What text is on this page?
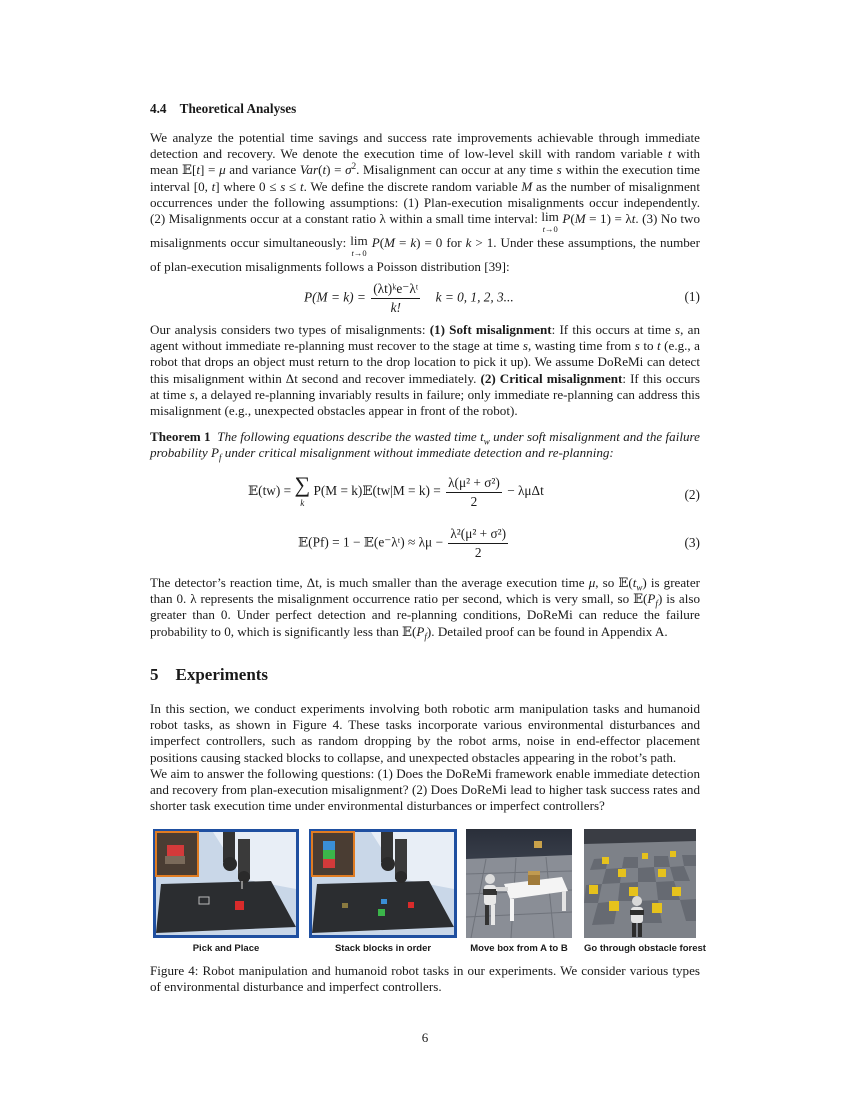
4.4 Theoretical Analyses
We analyze the potential time savings and success rate improvements achievable through immediate detection and recovery. We denote the execution time of low-level skill with random variable t with mean 𝔼[t] = μ and variance $Var(t) = \sigma^2$. Misalignment can occur at any time s within the execution time interval [0, t] where 0 ≤ s ≤ t. We define the discrete random variable M as the number of misalignment occurrences under the following assumptions: (1) Plan-execution misalignments occur independently. (2) Misalignments occur at a constant ratio λ within a small time interval: lim
t→0
P(M = 1) = λt. (3) No two misalignments occur simultaneously: lim
t→0
P(M = k) = 0 for k > 1. Under these assumptions, the number of plan-execution misalignments follows a Poisson distribution [39]:
$P(M = k) = \frac{\text{(λt)ᵏe⁻λᵗ}}{k!}$ k = 0, 1, 2, 3...	(1)
Our analysis considers two types of misalignments: (1) Soft misalignment: If this occurs at time s, an agent without immediate re-planning must recover to the stage at time s, wasting time from s to t (e.g., a robot that drops an object must return to the drop location to pick it up). We assume DoReMi can detect this misalignment within Δt second and recover immediately. (2) Critical misalignment: If this occurs at time s, a delayed re-planning invariably results in failure; only immediate re-planning can address this misalignment (e.g., unexpected obstacles appear in front of the robot).
Theorem 1 The following equations describe the wasted time $t_w$ under soft misalignment and the failure probability $P_f$ under critical misalignment without immediate detection and re-planning:
𝔼(tw) = ∑
k
P(M = k)𝔼(tw|M = $k) = \frac{\text{λ(μ² + σ²)}}{2} - \lambda\mu\Delta t$	(2)
𝔼(Pf) = 1 − 𝔼(e⁻λᵗ) ≈ $\lambda\mu - \frac{\text{λ²(μ² + σ²)}}{2}$	(3)
The detector’s reaction time, Δt, is much smaller than the average execution time μ, so $𝔼(t_w)$ is greater than 0. λ represents the misalignment occurrence ratio per second, which is very small, so $𝔼(P_f)$ is also greater than 0. Under perfect detection and re-planning conditions, DoReMi can reduce the failure probability to 0, which is significantly less than $𝔼(P_f)$. Detailed proof can be found in Appendix A.
5 Experiments
In this section, we conduct experiments involving both robotic arm manipulation tasks and humanoid robot tasks, as shown in Figure 4. These tasks incorporate various environmental disturbances and imperfect controllers, such as random dropping by the robot arms, noise in end-effector placement positions causing stacked blocks to collapse, and unexpected obstacles appearing in the robot’s path.
We aim to answer the following questions: (1) Does the DoReMi framework enable immediate detection and recovery from plan-execution misalignment? (2) Does DoReMi lead to higher task success rates and shorter task execution time under environmental disturbances or imperfect controllers?
Pick and Place	Stack blocks in order	Move box from A to B	Go through obstacle forest
Figure 4: Robot manipulation and humanoid robot tasks in our experiments. We consider various types of environmental disturbance and imperfect controllers.
6
